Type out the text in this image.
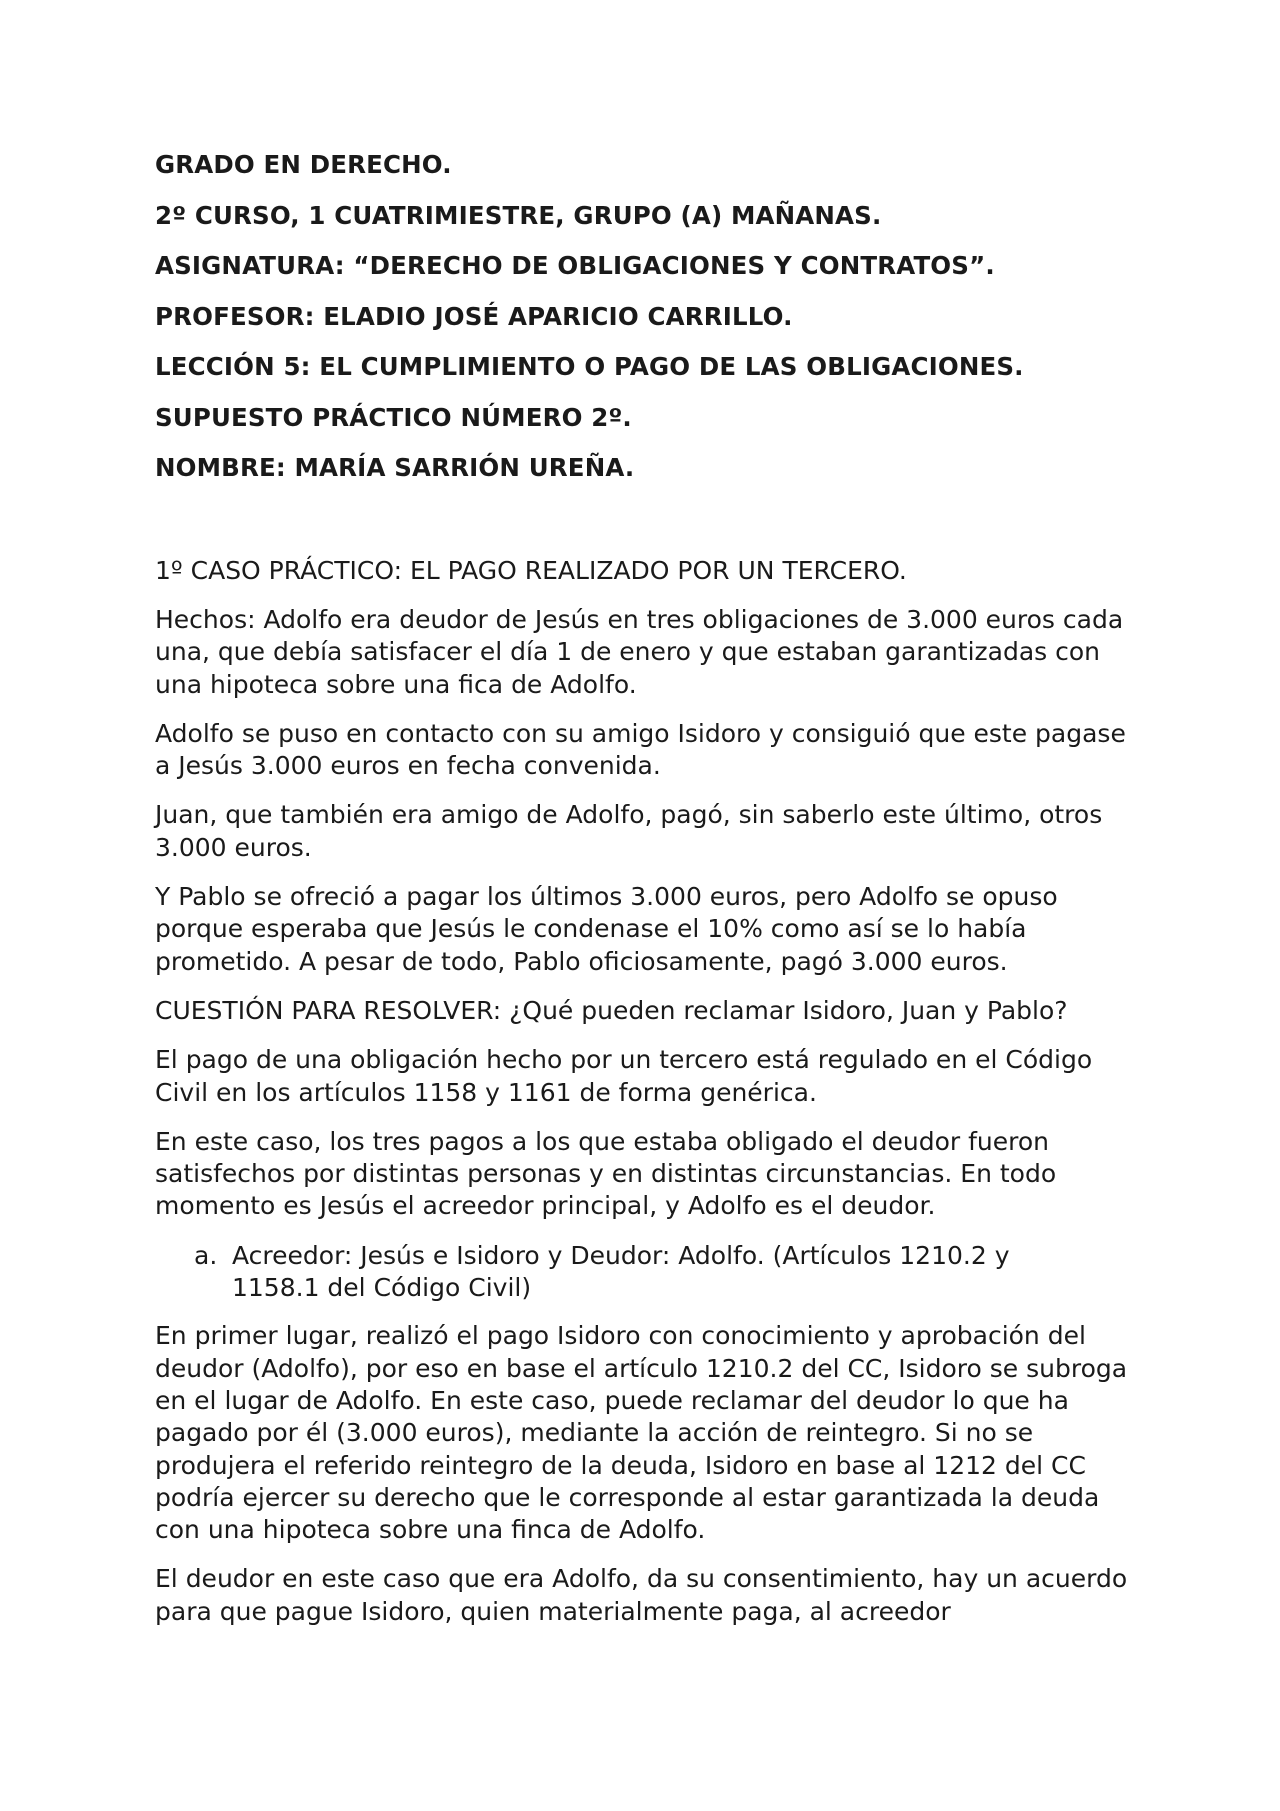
GRADO EN DERECHO.
2º CURSO, 1 CUATRIMIESTRE, GRUPO (A) MAÑANAS.
ASIGNATURA: “DERECHO DE OBLIGACIONES Y CONTRATOS”.
PROFESOR: ELADIO JOSÉ APARICIO CARRILLO.
LECCIÓN 5: EL CUMPLIMIENTO O PAGO DE LAS OBLIGACIONES.
SUPUESTO PRÁCTICO NÚMERO 2º.
NOMBRE: MARÍA SARRIÓN UREÑA.

1º CASO PRÁCTICO: EL PAGO REALIZADO POR UN TERCERO.

Hechos: Adolfo era deudor de Jesús en tres obligaciones de 3.000 euros cada una, que debía satisfacer el día 1 de enero y que estaban garantizadas con una hipoteca sobre una fica de Adolfo.

Adolfo se puso en contacto con su amigo Isidoro y consiguió que este pagase a Jesús 3.000 euros en fecha convenida.

Juan, que también era amigo de Adolfo, pagó, sin saberlo este último, otros 3.000 euros.

Y Pablo se ofreció a pagar los últimos 3.000 euros, pero Adolfo se opuso porque esperaba que Jesús le condenase el 10% como así se lo había prometido. A pesar de todo, Pablo oficiosamente, pagó 3.000 euros.

CUESTIÓN PARA RESOLVER: ¿Qué pueden reclamar Isidoro, Juan y Pablo?

El pago de una obligación hecho por un tercero está regulado en el Código Civil en los artículos 1158 y 1161 de forma genérica.

En este caso, los tres pagos a los que estaba obligado el deudor fueron satisfechos por distintas personas y en distintas circunstancias. En todo momento es Jesús el acreedor principal, y Adolfo es el deudor.

a. Acreedor: Jesús e Isidoro y Deudor: Adolfo. (Artículos 1210.2 y 1158.1 del Código Civil)

En primer lugar, realizó el pago Isidoro con conocimiento y aprobación del deudor (Adolfo), por eso en base el artículo 1210.2 del CC, Isidoro se subroga en el lugar de Adolfo. En este caso, puede reclamar del deudor lo que ha pagado por él (3.000 euros), mediante la acción de reintegro. Si no se produjera el referido reintegro de la deuda, Isidoro en base al 1212 del CC podría ejercer su derecho que le corresponde al estar garantizada la deuda con una hipoteca sobre una finca de Adolfo.

El deudor en este caso que era Adolfo, da su consentimiento, hay un acuerdo para que pague Isidoro, quien materialmente paga, al acreedor
